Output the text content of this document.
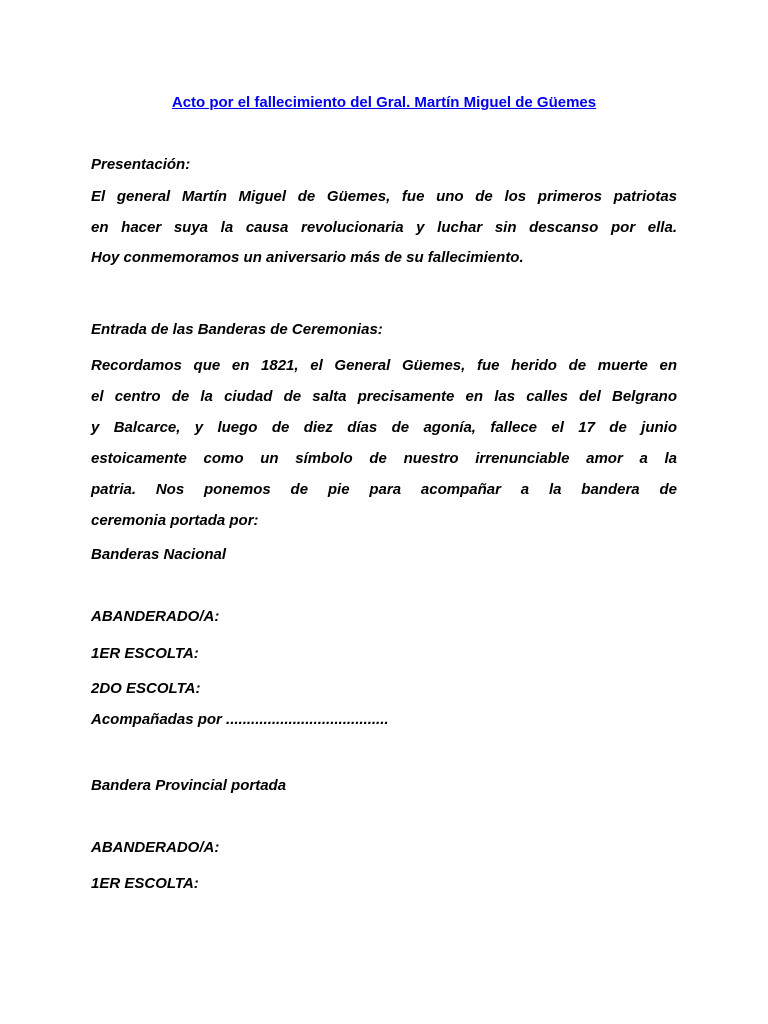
Acto por el fallecimiento del Gral. Martín Miguel de Güemes
Presentación:
El general Martín Miguel de Güemes, fue uno de los primeros patriotas
en hacer suya la causa revolucionaria y luchar sin descanso por ella.
Hoy conmemoramos un aniversario más de su fallecimiento.
Entrada de las Banderas de Ceremonias:
Recordamos que en 1821, el General Güemes, fue herido de muerte en
el centro de la ciudad de salta precisamente en las calles del Belgrano
y Balcarce, y luego de diez días de agonía, fallece el 17 de junio
estoicamente como un símbolo de nuestro irrenunciable amor a la
patria. Nos ponemos de pie para acompañar a la bandera de
ceremonia portada por:
Banderas Nacional
ABANDERADO/A:
1ER ESCOLTA:
2DO ESCOLTA:
Acompañadas por .......................................
Bandera Provincial portada
ABANDERADO/A:
1ER ESCOLTA:
